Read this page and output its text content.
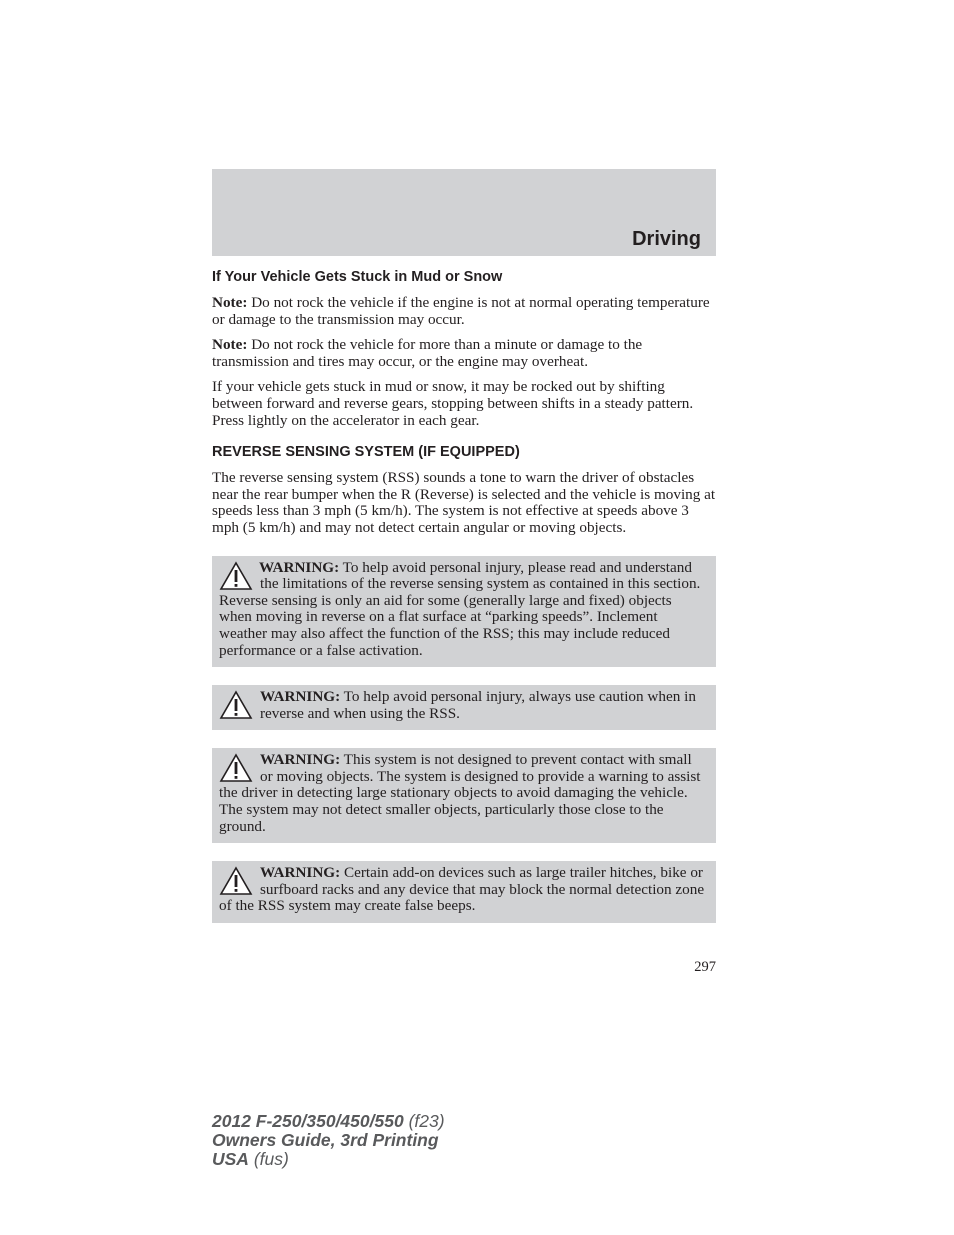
Driving
If Your Vehicle Gets Stuck in Mud or Snow

Note: Do not rock the vehicle if the engine is not at normal operating temperature or damage to the transmission may occur.

Note: Do not rock the vehicle for more than a minute or damage to the transmission and tires may occur, or the engine may overheat.

If your vehicle gets stuck in mud or snow, it may be rocked out by shifting between forward and reverse gears, stopping between shifts in a steady pattern. Press lightly on the accelerator in each gear.

REVERSE SENSING SYSTEM (IF EQUIPPED)

The reverse sensing system (RSS) sounds a tone to warn the driver of obstacles near the rear bumper when the R (Reverse) is selected and the vehicle is moving at speeds less than 3 mph (5 km/h). The system is not effective at speeds above 3 mph (5 km/h) and may not detect certain angular or moving objects.

WARNING: To help avoid personal injury, please read and understand the limitations of the reverse sensing system as contained in this section. Reverse sensing is only an aid for some (generally large and fixed) objects when moving in reverse on a flat surface at “parking speeds”. Inclement weather may also affect the function of the RSS; this may include reduced performance or a false activation.
WARNING: To help avoid personal injury, always use caution when in reverse and when using the RSS.
WARNING: This system is not designed to prevent contact with small or moving objects. The system is designed to provide a warning to assist the driver in detecting large stationary objects to avoid damaging the vehicle. The system may not detect smaller objects, particularly those close to the ground.
WARNING: Certain add-on devices such as large trailer hitches, bike or surfboard racks and any device that may block the normal detection zone of the RSS system may create false beeps.
297
2012 F-250/350/450/550 (f23)
Owners Guide, 3rd Printing
USA (fus)
